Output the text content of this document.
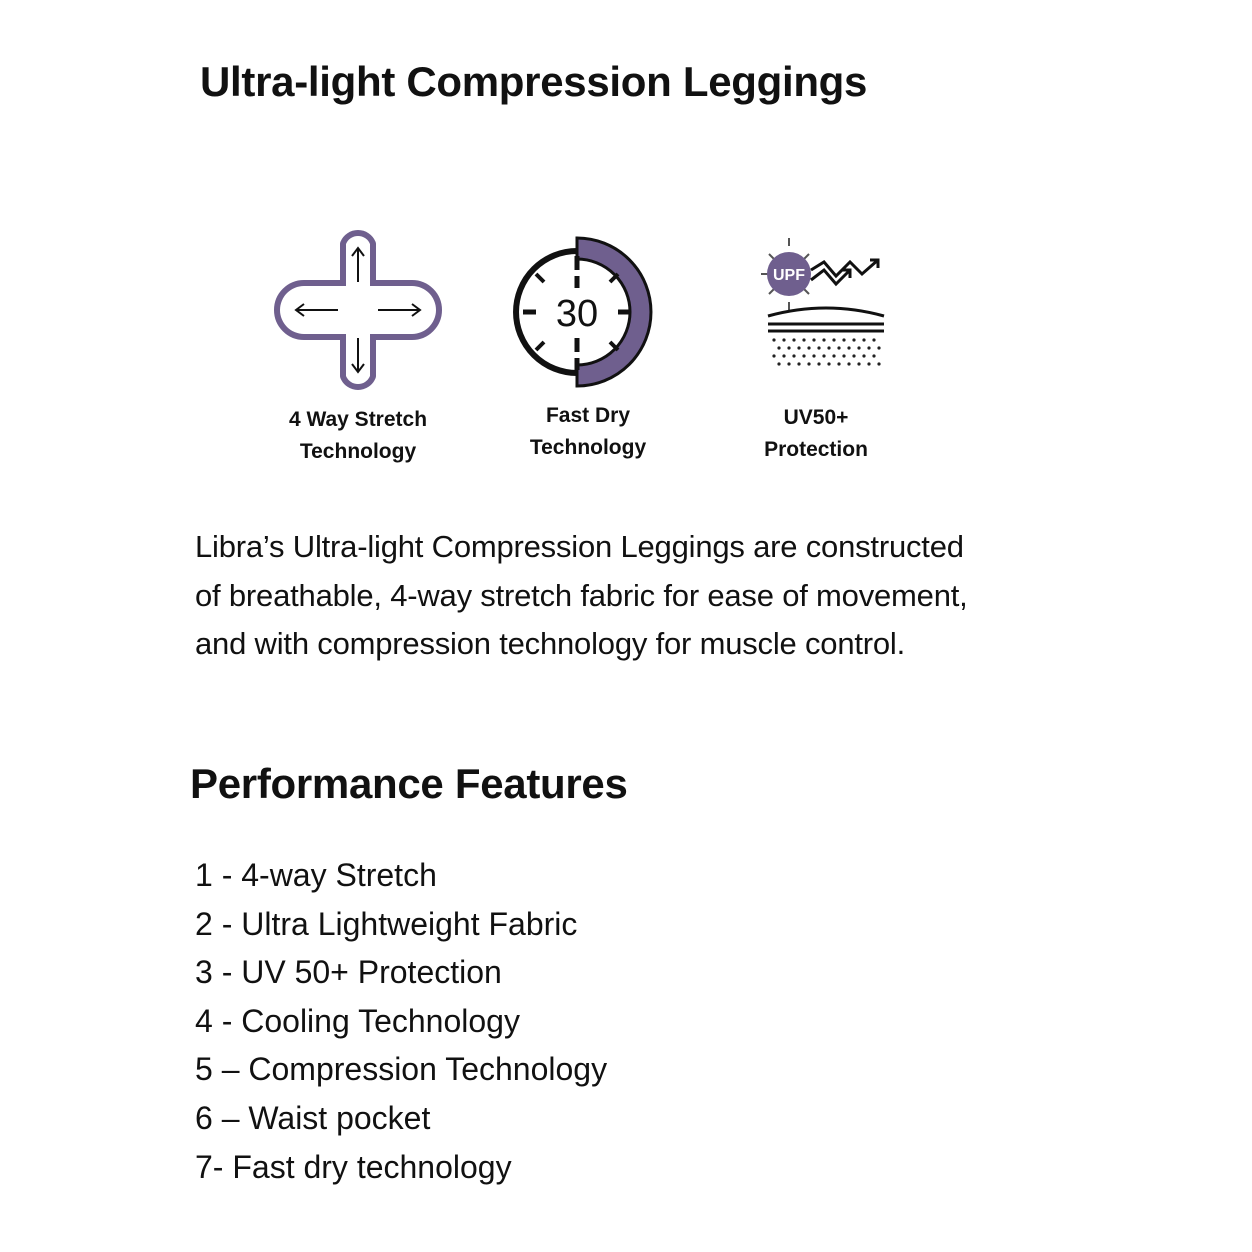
Ultra-light Compression Leggings
4 Way Stretch
Technology
30
Fast Dry
Technology
UPF
UV50+
Protection

Libra’s Ultra-light Compression Leggings are constructed
of breathable, 4-way stretch fabric for ease of movement,
and with compression technology for muscle control.

Performance Features
1 - 4-way Stretch
2 - Ultra Lightweight Fabric
3 - UV 50+ Protection
4 - Cooling Technology
5 – Compression Technology
6 – Waist pocket
7- Fast dry technology
